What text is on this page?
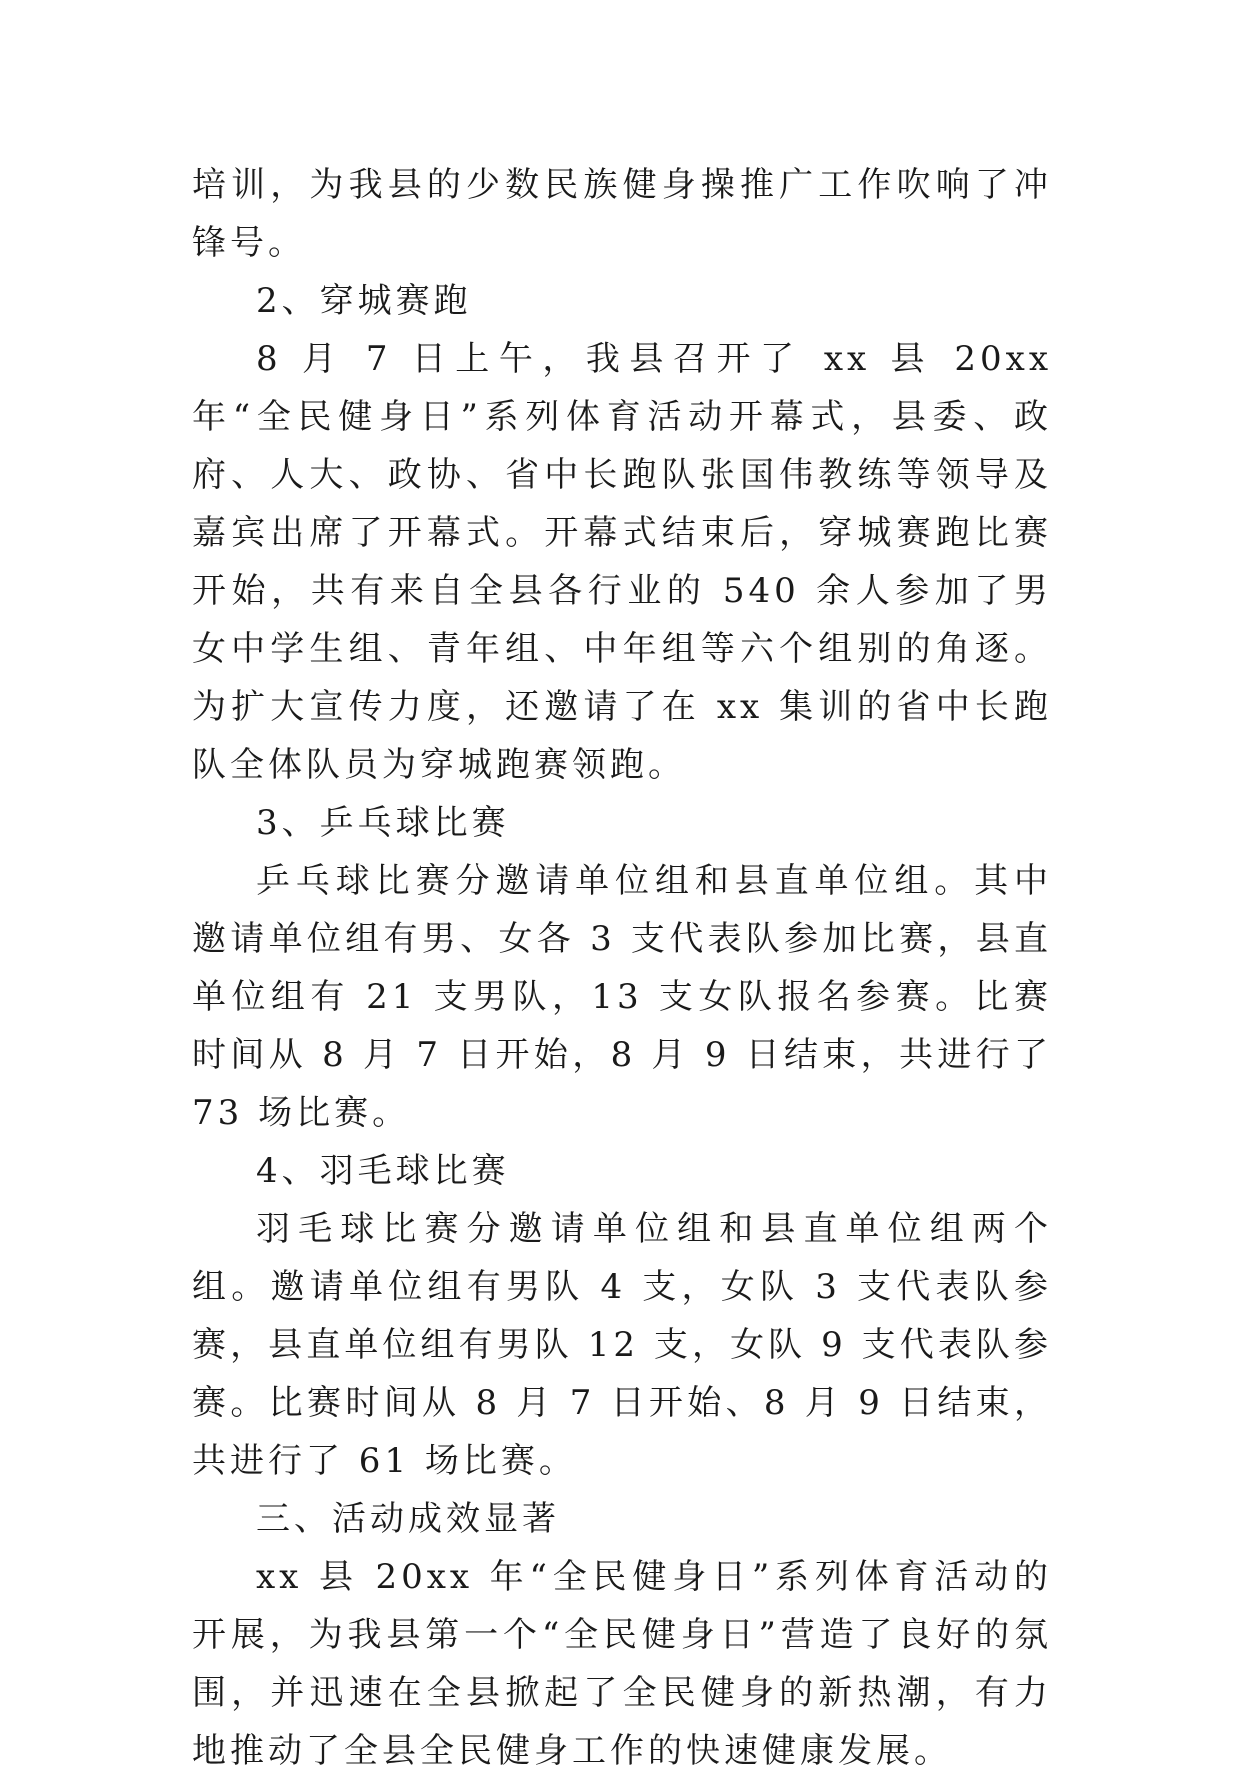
培训，为我县的少数民族健身操推广工作吹响了冲锋号。

2、穿城赛跑

8 月 7 日上午，我县召开了 xx 县 20xx 年“全民健身日”系列体育活动开幕式，县委、政府、人大、政协、省中长跑队张国伟教练等领导及嘉宾出席了开幕式。开幕式结束后，穿城赛跑比赛开始，共有来自全县各行业的 540 余人参加了男女中学生组、青年组、中年组等六个组别的角逐。为扩大宣传力度，还邀请了在 xx 集训的省中长跑队全体队员为穿城跑赛领跑。

3、乒乓球比赛

乒乓球比赛分邀请单位组和县直单位组。其中邀请单位组有男、女各 3 支代表队参加比赛，县直单位组有 21 支男队，13 支女队报名参赛。比赛时间从 8 月 7 日开始，8 月 9 日结束，共进行了 73 场比赛。

4、羽毛球比赛

羽毛球比赛分邀请单位组和县直单位组两个组。邀请单位组有男队 4 支，女队 3 支代表队参赛，县直单位组有男队 12 支，女队 9 支代表队参赛。比赛时间从 8 月 7 日开始、8 月 9 日结束，共进行了 61 场比赛。

三、活动成效显著

xx 县 20xx 年“全民健身日”系列体育活动的开展，为我县第一个“全民健身日”营造了良好的氛围，并迅速在全县掀起了全民健身的新热潮，有力地推动了全县全民健身工作的快速健康发展。
